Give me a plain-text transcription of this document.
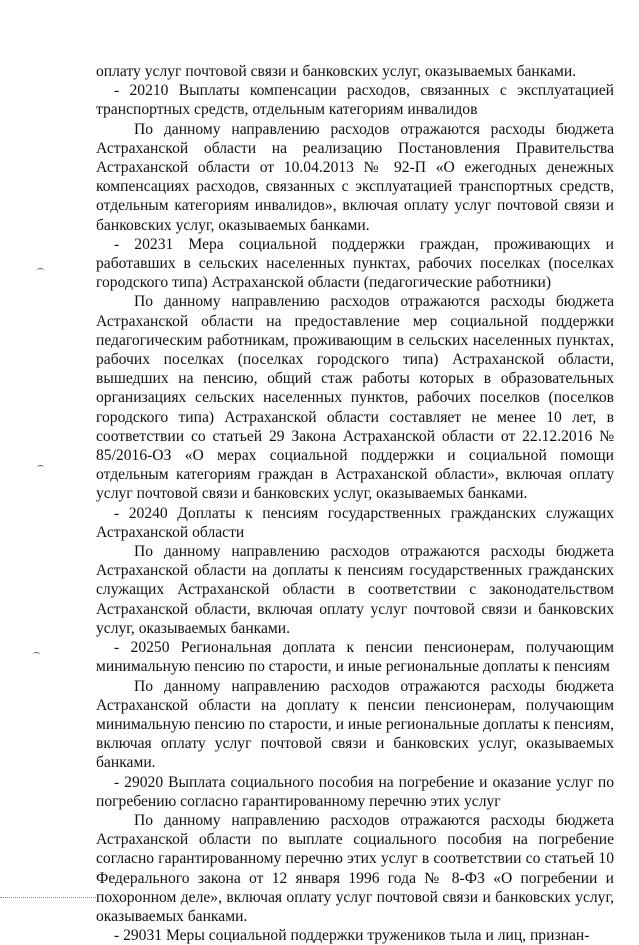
оплату услуг почтовой связи и банковских услуг, оказываемых банками.

- 20210 Выплаты компенсации расходов, связанных с эксплуатацией транспортных средств, отдельным категориям инвалидов

По данному направлению расходов отражаются расходы бюджета Астраханской области на реализацию Постановления Правительства Астраханской области от 10.04.2013 № 92-П «О ежегодных денежных компенсациях расходов, связанных с эксплуатацией транспортных средств, отдельным категориям инвалидов», включая оплату услуг почтовой связи и банковских услуг, оказываемых банками.

- 20231 Мера социальной поддержки граждан, проживающих и работавших в сельских населенных пунктах, рабочих поселках (поселках городского типа) Астраханской области (педагогические работники)

По данному направлению расходов отражаются расходы бюджета Астраханской области на предоставление мер социальной поддержки педагогическим работникам, проживающим в сельских населенных пунктах, рабочих поселках (поселках городского типа) Астраханской области, вышедших на пенсию, общий стаж работы которых в образовательных организациях сельских населенных пунктов, рабочих поселков (поселков городского типа) Астраханской области составляет не менее 10 лет, в соответствии со статьей 29 Закона Астраханской области от 22.12.2016 № 85/2016-ОЗ «О мерах социальной поддержки и социальной помощи отдельным категориям граждан в Астраханской области», включая оплату услуг почтовой связи и банковских услуг, оказываемых банками.

- 20240 Доплаты к пенсиям государственных гражданских служащих Астраханской области

По данному направлению расходов отражаются расходы бюджета Астраханской области на доплаты к пенсиям государственных гражданских служащих Астраханской области в соответствии с законодательством Астраханской области, включая оплату услуг почтовой связи и банковских услуг, оказываемых банками.

- 20250 Региональная доплата к пенсии пенсионерам, получающим минимальную пенсию по старости, и иные региональные доплаты к пенсиям

По данному направлению расходов отражаются расходы бюджета Астраханской области на доплату к пенсии пенсионерам, получающим минимальную пенсию по старости, и иные региональные доплаты к пенсиям, включая оплату услуг почтовой связи и банковских услуг, оказываемых банками.

- 29020 Выплата социального пособия на погребение и оказание услуг по погребению согласно гарантированному перечню этих услуг

По данному направлению расходов отражаются расходы бюджета Астраханской области по выплате социального пособия на погребение согласно гарантированному перечню этих услуг в соответствии со статьей 10 Федерального закона от 12 января 1996 года № 8-ФЗ «О погребении и похоронном деле», включая оплату услуг почтовой связи и банковских услуг, оказываемых банками.

- 29031 Меры социальной поддержки тружеников тыла и лиц, признан-
